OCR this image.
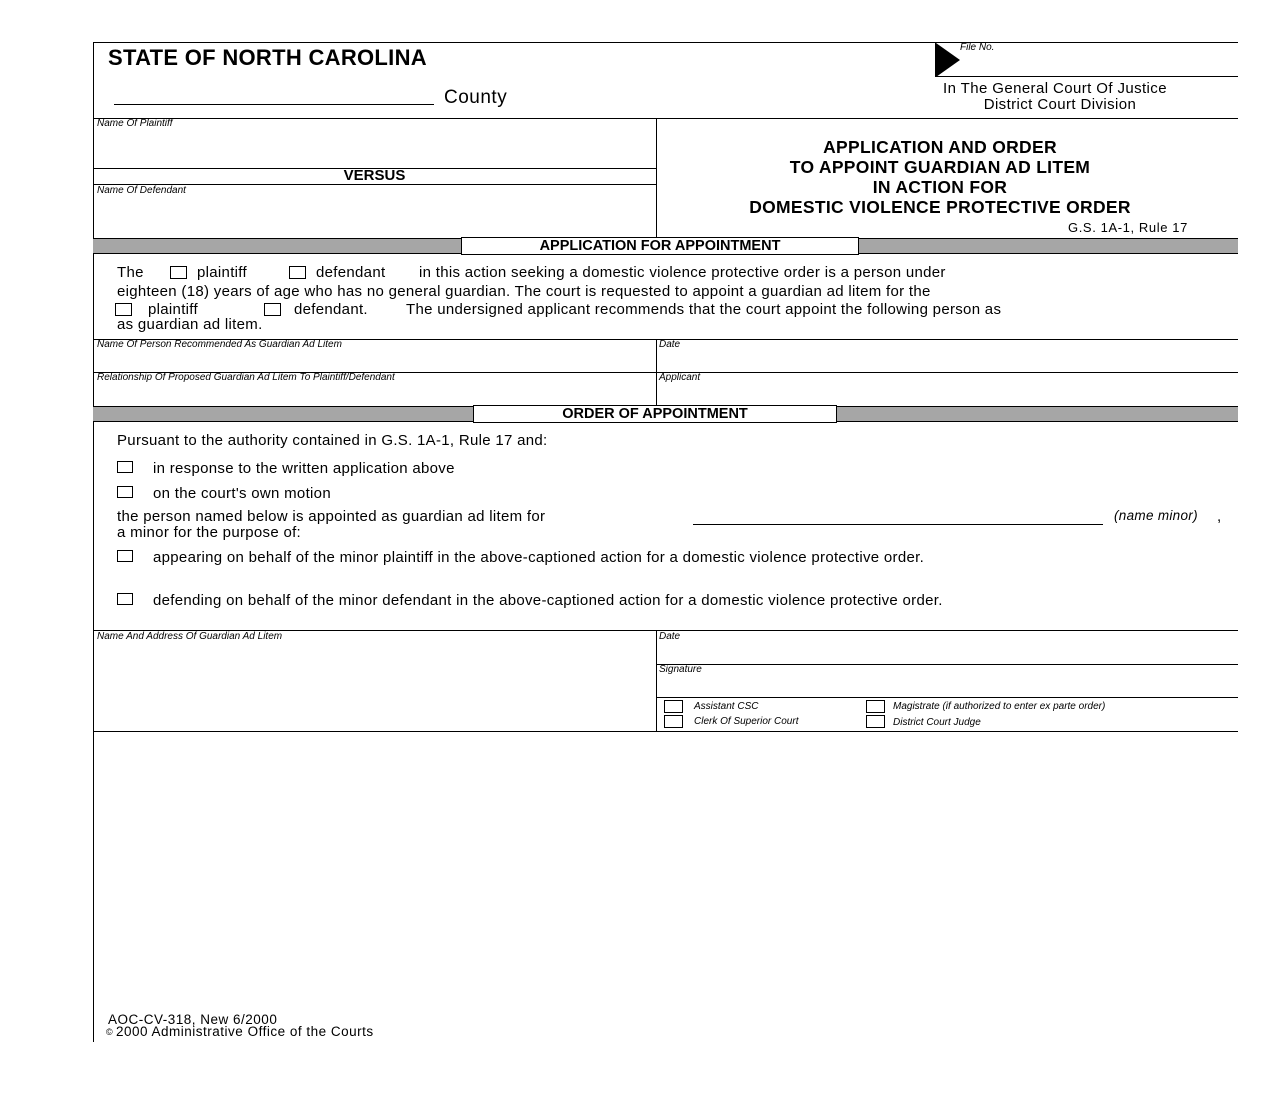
STATE OF NORTH CAROLINA
County
File No.
In The General Court Of Justice
District Court Division
Name Of Plaintiff
VERSUS
Name Of Defendant
APPLICATION AND ORDER
TO APPOINT GUARDIAN AD LITEM
IN ACTION FOR
DOMESTIC VIOLENCE PROTECTIVE ORDER
G.S. 1A-1, Rule 17
APPLICATION FOR APPOINTMENT
The	plaintiff	defendant in this action seeking a domestic violence protective order is a person under
eighteen (18) years of age who has no general guardian. The court is requested to appoint a guardian ad litem for the
plaintiff	defendant.	The undersigned applicant recommends that the court appoint the following person as
as guardian ad litem.
Name Of Person Recommended As Guardian Ad Litem	Date
Relationship Of Proposed Guardian Ad Litem To Plaintiff/Defendant	Applicant
ORDER OF APPOINTMENT
Pursuant to the authority contained in G.S. 1A-1, Rule 17 and:
in response to the written application above
on the court's own motion
the person named below is appointed as guardian ad litem for	(name minor) ,
a minor for the purpose of:
appearing on behalf of the minor plaintiff in the above-captioned action for a domestic violence protective order.
defending on behalf of the minor defendant in the above-captioned action for a domestic violence protective order.
Name And Address Of Guardian Ad Litem	Date
Signature
Assistant CSC
Clerk Of Superior Court
Magistrate (if authorized to enter ex parte order)
District Court Judge
AOC-CV-318, New 6/2000
© 2000 Administrative Office of the Courts
